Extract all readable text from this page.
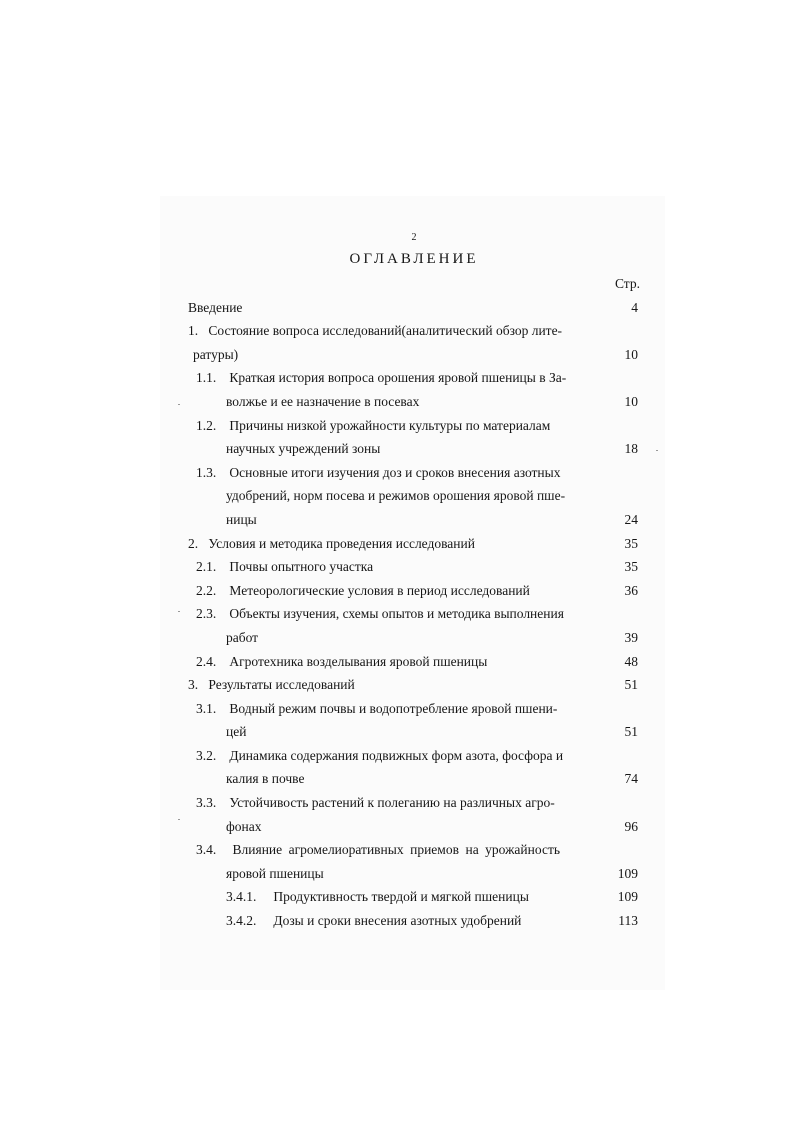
2
ОГЛАВЛЕНИЕ
Стр.
Введение	4
1. Состояние вопроса исследований(аналитический обзор лите-
ратуры)	10
1.1. Краткая история вопроса орошения яровой пшеницы в За-
волжье и ее назначение в посевах	10
1.2. Причины низкой урожайности культуры по материалам
научных учреждений зоны	18
1.3. Основные итоги изучения доз и сроков внесения азотных
удобрений, норм посева и режимов орошения яровой пше-
ницы	24
2. Условия и методика проведения исследований	35
2.1. Почвы опытного участка	35
2.2. Метеорологические условия в период исследований	36
2.3. Объекты изучения, схемы опытов и методика выполнения
работ	39
2.4. Агротехника возделывания яровой пшеницы	48
3. Результаты исследований	51
3.1. Водный режим почвы и водопотребление яровой пшени-
цей	51
3.2. Динамика содержания подвижных форм азота, фосфора и
калия в почве	74
3.3. Устойчивость растений к полеганию на различных агро-
фонах	96
3.4. Влияние агромелиоративных приемов на урожайность
яровой пшеницы	109
3.4.1. Продуктивность твердой и мягкой пшеницы	109
3.4.2. Дозы и сроки внесения азотных удобрений	113
